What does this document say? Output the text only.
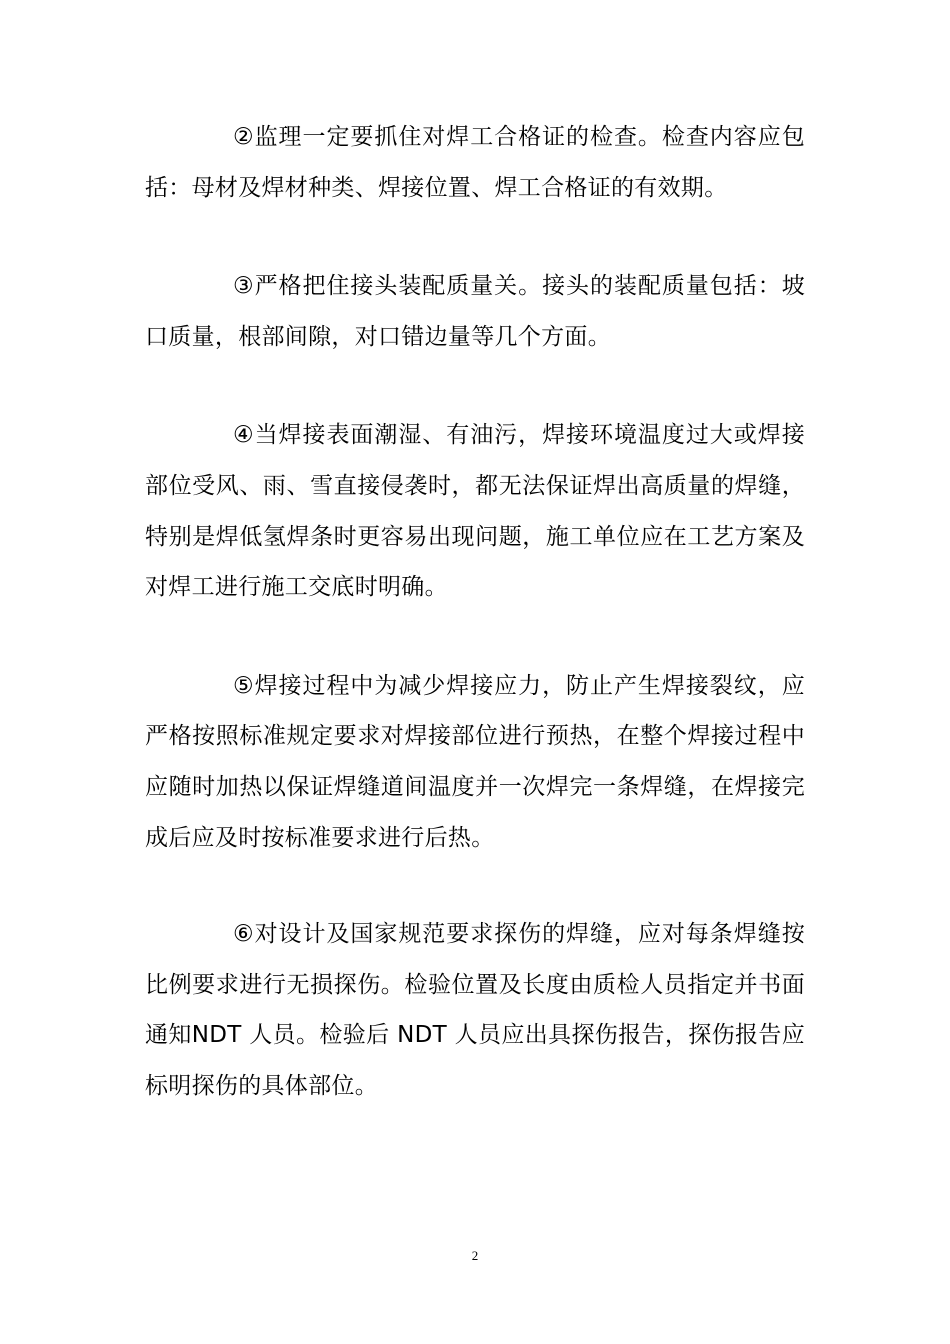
②监理一定要抓住对焊工合格证的检查。检查内容应包括：母材及焊材种类、焊接位置、焊工合格证的有效期。

③严格把住接头装配质量关。接头的装配质量包括：坡口质量，根部间隙，对口错边量等几个方面。

④当焊接表面潮湿、有油污，焊接环境温度过大或焊接部位受风、雨、雪直接侵袭时，都无法保证焊出高质量的焊缝，特别是焊低氢焊条时更容易出现问题，施工单位应在工艺方案及对焊工进行施工交底时明确。

⑤焊接过程中为减少焊接应力，防止产生焊接裂纹，应严格按照标准规定要求对焊接部位进行预热，在整个焊接过程中应随时加热以保证焊缝道间温度并一次焊完一条焊缝，在焊接完成后应及时按标准要求进行后热。

⑥对设计及国家规范要求探伤的焊缝，应对每条焊缝按比例要求进行无损探伤。检验位置及长度由质检人员指定并书面通知NDT 人员。检验后 NDT 人员应出具探伤报告，探伤报告应标明探伤的具体部位。

2
